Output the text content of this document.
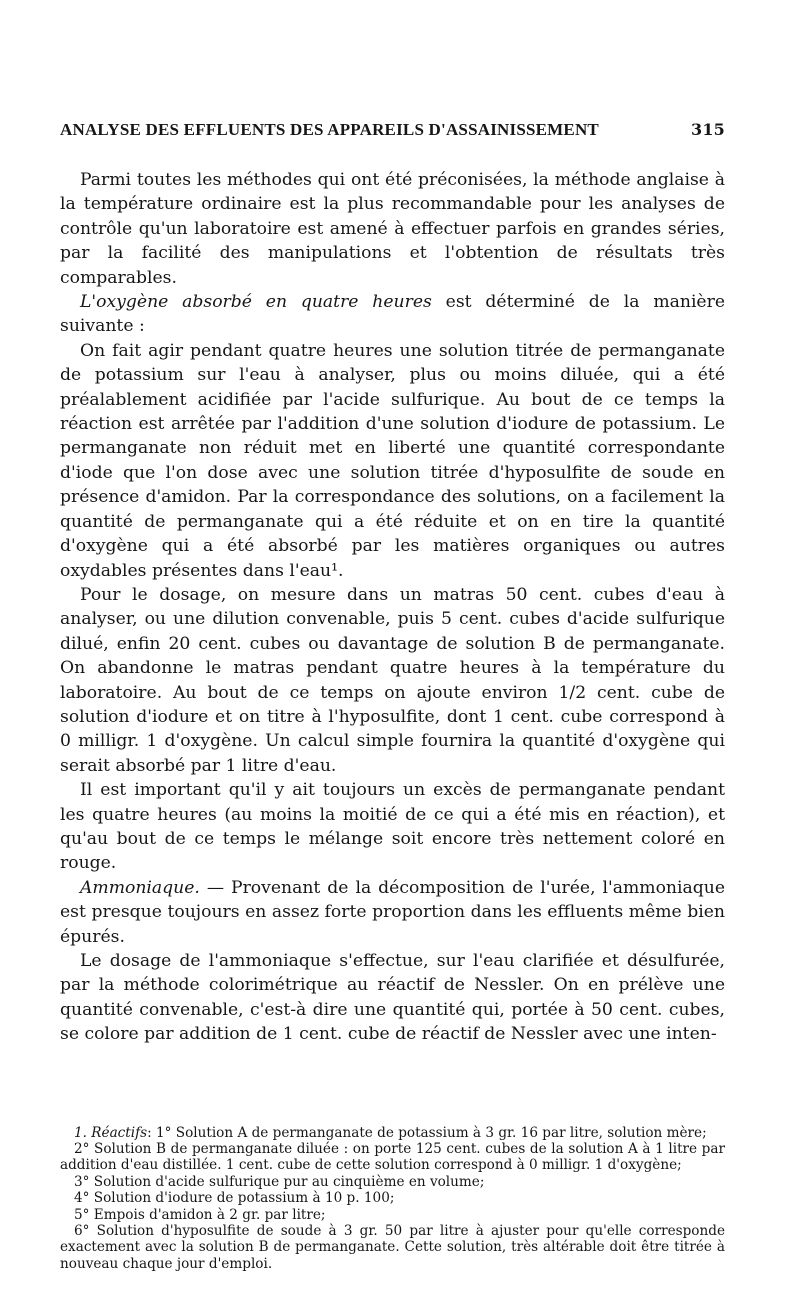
ANALYSE DES EFFLUENTS DES APPAREILS D'ASSAINISSEMENT	315

Parmi toutes les méthodes qui ont été préconisées, la méthode anglaise à la température ordinaire est la plus recommandable pour les analyses de contrôle qu'un laboratoire est amené à effectuer parfois en grandes séries, par la facilité des manipulations et l'obtention de résultats très comparables.

L'oxygène absorbé en quatre heures est déterminé de la manière suivante :

On fait agir pendant quatre heures une solution titrée de permanganate de potassium sur l'eau à analyser, plus ou moins diluée, qui a été préalablement acidifiée par l'acide sulfurique. Au bout de ce temps la réaction est arrêtée par l'addition d'une solution d'iodure de potassium. Le permanganate non réduit met en liberté une quantité correspondante d'iode que l'on dose avec une solution titrée d'hyposulfite de soude en présence d'amidon. Par la correspondance des solutions, on a facilement la quantité de permanganate qui a été réduite et on en tire la quantité d'oxygène qui a été absorbé par les matières organiques ou autres oxydables présentes dans l'eau¹.

Pour le dosage, on mesure dans un matras 50 cent. cubes d'eau à analyser, ou une dilution convenable, puis 5 cent. cubes d'acide sulfurique dilué, enfin 20 cent. cubes ou davantage de solution B de permanganate. On abandonne le matras pendant quatre heures à la température du laboratoire. Au bout de ce temps on ajoute environ 1/2 cent. cube de solution d'iodure et on titre à l'hyposulfite, dont 1 cent. cube correspond à 0 milligr. 1 d'oxygène. Un calcul simple fournira la quantité d'oxygène qui serait absorbé par 1 litre d'eau.

Il est important qu'il y ait toujours un excès de permanganate pendant les quatre heures (au moins la moitié de ce qui a été mis en réaction), et qu'au bout de ce temps le mélange soit encore très nettement coloré en rouge.

Ammoniaque. — Provenant de la décomposition de l'urée, l'ammoniaque est presque toujours en assez forte proportion dans les effluents même bien épurés.

Le dosage de l'ammoniaque s'effectue, sur l'eau clarifiée et désulfurée, par la méthode colorimétrique au réactif de Nessler. On en prélève une quantité convenable, c'est-à dire une quantité qui, portée à 50 cent. cubes, se colore par addition de 1 cent. cube de réactif de Nessler avec une inten-

1. Réactifs: 1° Solution A de permanganate de potassium à 3 gr. 16 par litre, solution mère;

2° Solution B de permanganate diluée : on porte 125 cent. cubes de la solution A à 1 litre par addition d'eau distillée. 1 cent. cube de cette solution correspond à 0 milligr. 1 d'oxygène;

3° Solution d'acide sulfurique pur au cinquième en volume;

4° Solution d'iodure de potassium à 10 p. 100;

5° Empois d'amidon à 2 gr. par litre;

6° Solution d'hyposulfite de soude à 3 gr. 50 par litre à ajuster pour qu'elle corresponde exactement avec la solution B de permanganate. Cette solution, très altérable doit être titrée à nouveau chaque jour d'emploi.
